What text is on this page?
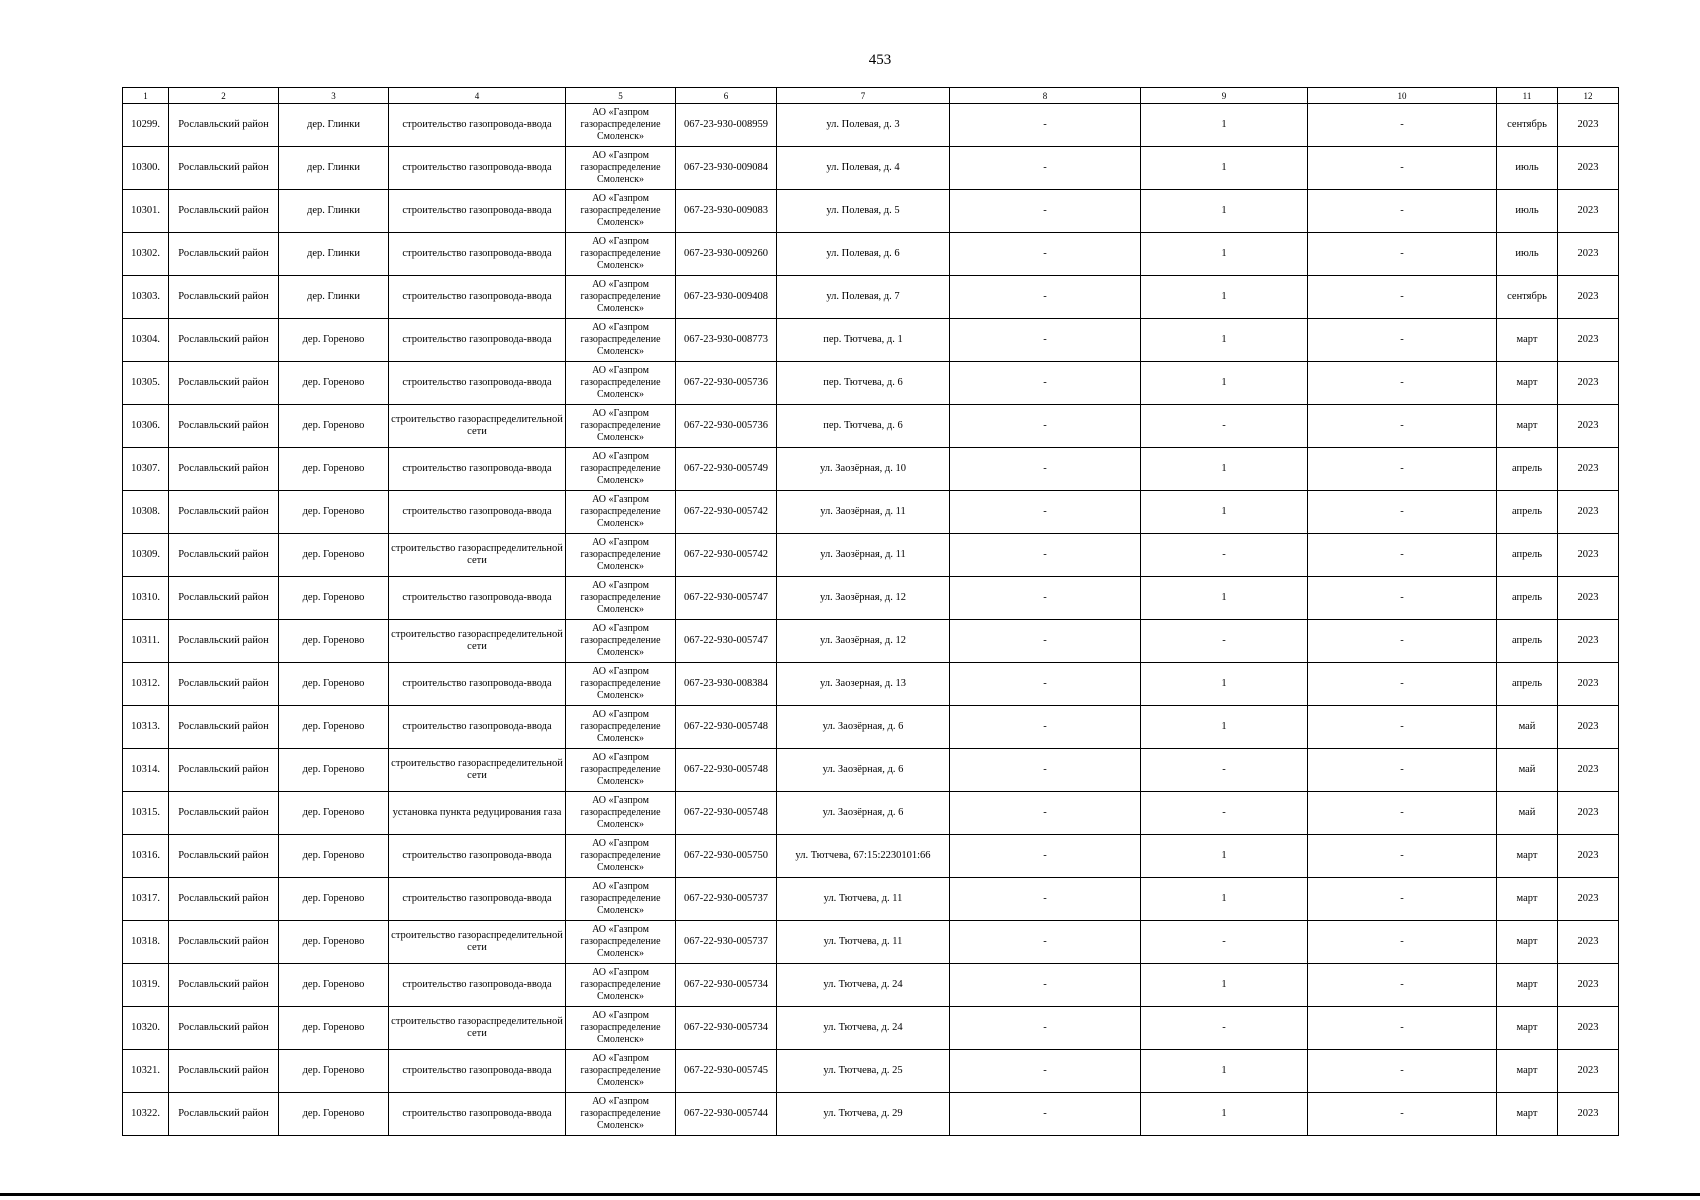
453
1	2	3	4	5	6	7	8	9	10	11	12
10299.	Рославльский район	дер. Глинки	строительство газопровода-ввода	АО «Газпром газораспределение Смоленск»	067-23-930-008959	ул. Полевая, д. 3	-	1	-	сентябрь	2023
10300.	Рославльский район	дер. Глинки	строительство газопровода-ввода	АО «Газпром газораспределение Смоленск»	067-23-930-009084	ул. Полевая, д. 4	-	1	-	июль	2023
10301.	Рославльский район	дер. Глинки	строительство газопровода-ввода	АО «Газпром газораспределение Смоленск»	067-23-930-009083	ул. Полевая, д. 5	-	1	-	июль	2023
10302.	Рославльский район	дер. Глинки	строительство газопровода-ввода	АО «Газпром газораспределение Смоленск»	067-23-930-009260	ул. Полевая, д. 6	-	1	-	июль	2023
10303.	Рославльский район	дер. Глинки	строительство газопровода-ввода	АО «Газпром газораспределение Смоленск»	067-23-930-009408	ул. Полевая, д. 7	-	1	-	сентябрь	2023
10304.	Рославльский район	дер. Гореново	строительство газопровода-ввода	АО «Газпром газораспределение Смоленск»	067-23-930-008773	пер. Тютчева, д. 1	-	1	-	март	2023
10305.	Рославльский район	дер. Гореново	строительство газопровода-ввода	АО «Газпром газораспределение Смоленск»	067-22-930-005736	пер. Тютчева, д. 6	-	1	-	март	2023
10306.	Рославльский район	дер. Гореново	строительство газораспределительной сети	АО «Газпром газораспределение Смоленск»	067-22-930-005736	пер. Тютчева, д. 6	-	-	-	март	2023
10307.	Рославльский район	дер. Гореново	строительство газопровода-ввода	АО «Газпром газораспределение Смоленск»	067-22-930-005749	ул. Заозёрная, д. 10	-	1	-	апрель	2023
10308.	Рославльский район	дер. Гореново	строительство газопровода-ввода	АО «Газпром газораспределение Смоленск»	067-22-930-005742	ул. Заозёрная, д. 11	-	1	-	апрель	2023
10309.	Рославльский район	дер. Гореново	строительство газораспределительной сети	АО «Газпром газораспределение Смоленск»	067-22-930-005742	ул. Заозёрная, д. 11	-	-	-	апрель	2023
10310.	Рославльский район	дер. Гореново	строительство газопровода-ввода	АО «Газпром газораспределение Смоленск»	067-22-930-005747	ул. Заозёрная, д. 12	-	1	-	апрель	2023
10311.	Рославльский район	дер. Гореново	строительство газораспределительной сети	АО «Газпром газораспределение Смоленск»	067-22-930-005747	ул. Заозёрная, д. 12	-	-	-	апрель	2023
10312.	Рославльский район	дер. Гореново	строительство газопровода-ввода	АО «Газпром газораспределение Смоленск»	067-23-930-008384	ул. Заозерная, д. 13	-	1	-	апрель	2023
10313.	Рославльский район	дер. Гореново	строительство газопровода-ввода	АО «Газпром газораспределение Смоленск»	067-22-930-005748	ул. Заозёрная, д. 6	-	1	-	май	2023
10314.	Рославльский район	дер. Гореново	строительство газораспределительной сети	АО «Газпром газораспределение Смоленск»	067-22-930-005748	ул. Заозёрная, д. 6	-	-	-	май	2023
10315.	Рославльский район	дер. Гореново	установка пункта редуцирования газа	АО «Газпром газораспределение Смоленск»	067-22-930-005748	ул. Заозёрная, д. 6	-	-	-	май	2023
10316.	Рославльский район	дер. Гореново	строительство газопровода-ввода	АО «Газпром газораспределение Смоленск»	067-22-930-005750	ул. Тютчева, 67:15:2230101:66	-	1	-	март	2023
10317.	Рославльский район	дер. Гореново	строительство газопровода-ввода	АО «Газпром газораспределение Смоленск»	067-22-930-005737	ул. Тютчева, д. 11	-	1	-	март	2023
10318.	Рославльский район	дер. Гореново	строительство газораспределительной сети	АО «Газпром газораспределение Смоленск»	067-22-930-005737	ул. Тютчева, д. 11	-	-	-	март	2023
10319.	Рославльский район	дер. Гореново	строительство газопровода-ввода	АО «Газпром газораспределение Смоленск»	067-22-930-005734	ул. Тютчева, д. 24	-	1	-	март	2023
10320.	Рославльский район	дер. Гореново	строительство газораспределительной сети	АО «Газпром газораспределение Смоленск»	067-22-930-005734	ул. Тютчева, д. 24	-	-	-	март	2023
10321.	Рославльский район	дер. Гореново	строительство газопровода-ввода	АО «Газпром газораспределение Смоленск»	067-22-930-005745	ул. Тютчева, д. 25	-	1	-	март	2023
10322.	Рославльский район	дер. Гореново	строительство газопровода-ввода	АО «Газпром газораспределение Смоленск»	067-22-930-005744	ул. Тютчева, д. 29	-	1	-	март	2023
